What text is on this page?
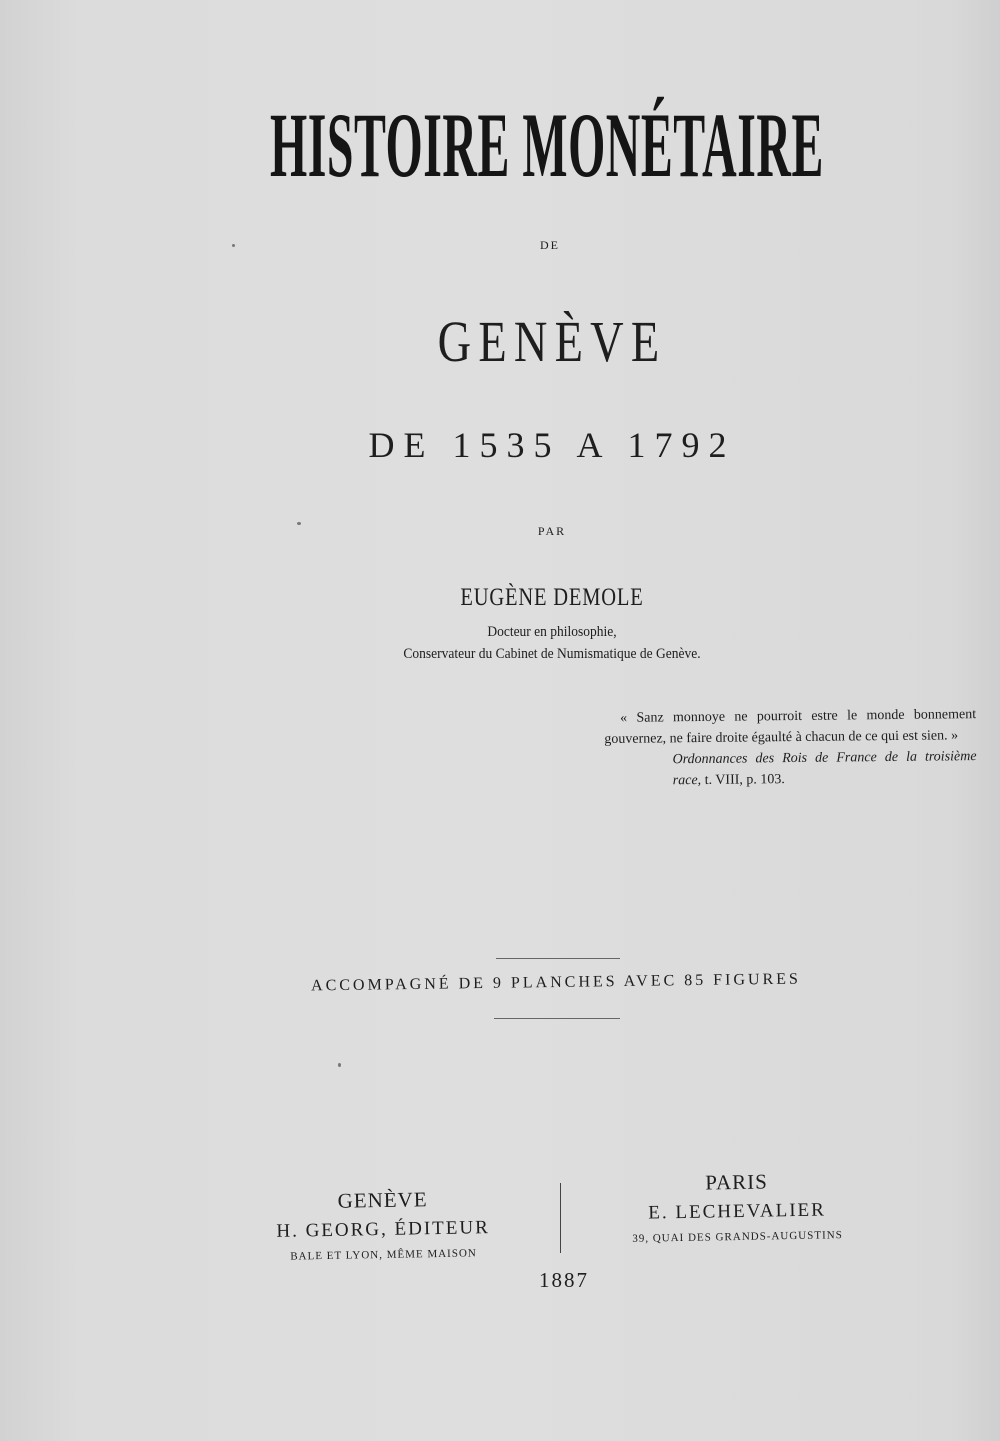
HISTOIRE MONÉTAIRE
DE
GENÈVE
DE 1535 A 1792
PAR
EUGÈNE DEMOLE
Docteur en philosophie,
Conservateur du Cabinet de Numismatique de Genève.
« Sanz monnoye ne pourroit estre le monde bonnement gouvernez, ne faire droite égaulté à chacun de ce qui est sien. »
Ordonnances des Rois de France de la troisième race, t. VIII, p. 103.
ACCOMPAGNÉ DE 9 PLANCHES AVEC 85 FIGURES
GENÈVE
H. GEORG, ÉDITEUR
BALE ET LYON, MÊME MAISON
PARIS
E. LECHEVALIER
39, QUAI DES GRANDS-AUGUSTINS
1887
